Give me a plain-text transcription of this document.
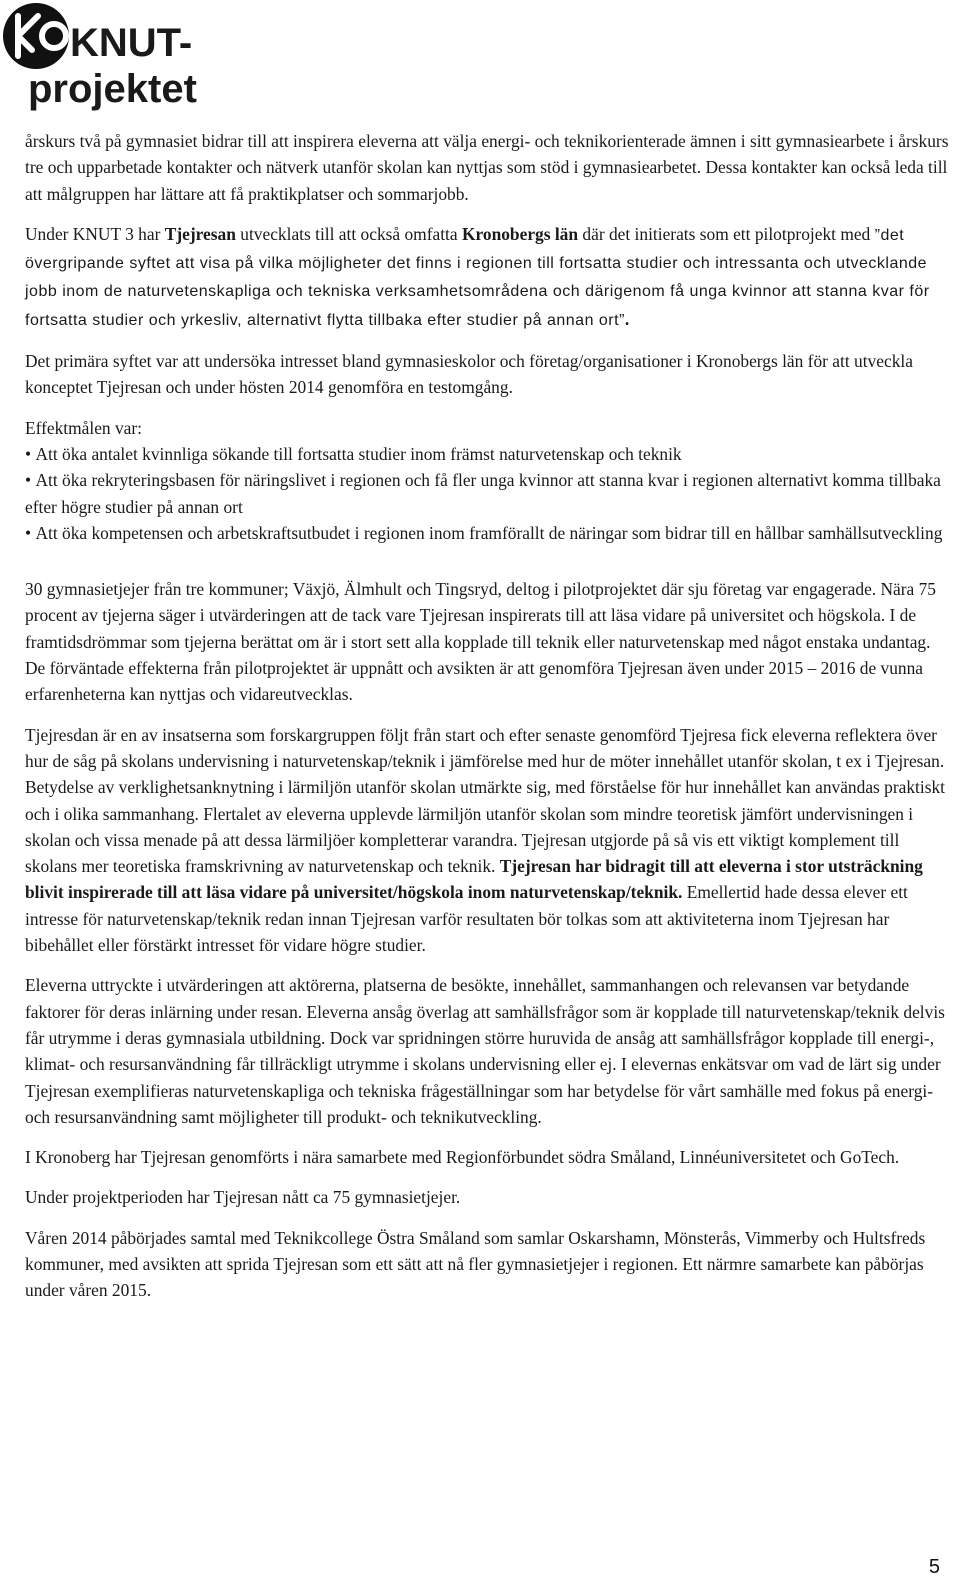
KNUT-
projektet

årskurs två på gymnasiet bidrar till att inspirera eleverna att välja energi- och teknikorienterade ämnen i sitt gymnasiearbete i årskurs tre och upparbetade kontakter och nätverk utanför skolan kan nyttjas som stöd i gymnasiearbetet. Dessa kontakter kan också leda till att målgruppen har lättare att få praktikplatser och sommarjobb.

Under KNUT 3 har Tjejresan utvecklats till att också omfatta Kronobergs län där det initierats som ett pilotprojekt med ”det övergripande syftet att visa på vilka möjligheter det finns i regionen till fortsatta studier och intressanta och utvecklande jobb inom de naturvetenskapliga och tekniska verksamhetsområdena och därigenom få unga kvinnor att stanna kvar för fortsatta studier och yrkesliv, alternativt flytta tillbaka efter studier på annan ort”.

Det primära syftet var att undersöka intresset bland gymnasieskolor och företag/organisationer i Kronobergs län för att utveckla konceptet Tjejresan och under hösten 2014 genomföra en testomgång.

Effektmålen var:
• Att öka antalet kvinnliga sökande till fortsatta studier inom främst naturvetenskap och teknik
• Att öka rekryteringsbasen för näringslivet i regionen och få fler unga kvinnor att stanna kvar i regionen alternativt komma tillbaka efter högre studier på annan ort
• Att öka kompetensen och arbetskraftsutbudet i regionen inom framförallt de näringar som bidrar till en hållbar samhällsutveckling

30 gymnasietjejer från tre kommuner; Växjö, Älmhult och Tingsryd, deltog i pilotprojektet där sju företag var engagerade. Nära 75 procent av tjejerna säger i utvärderingen att de tack vare Tjejresan inspirerats till att läsa vidare på universitet och högskola. I de framtidsdrömmar som tjejerna berättat om är i stort sett alla kopplade till teknik eller naturvetenskap med något enstaka undantag. De förväntade effekterna från pilotprojektet är uppnått och avsikten är att genomföra Tjejresan även under 2015 – 2016 de vunna erfarenheterna kan nyttjas och vidareutvecklas.

Tjejresdan är en av insatserna som forskargruppen följt från start och efter senaste genomförd Tjejresa fick eleverna reflektera över hur de såg på skolans undervisning i naturvetenskap/teknik i jämförelse med hur de möter innehållet utanför skolan, t ex i Tjejresan. Betydelse av verklighetsanknytning i lärmiljön utanför skolan utmärkte sig, med förståelse för hur innehållet kan användas praktiskt och i olika sammanhang. Flertalet av eleverna upplevde lärmiljön utanför skolan som mindre teoretisk jämfört undervisningen i skolan och vissa menade på att dessa lärmiljöer kompletterar varandra. Tjejresan utgjorde på så vis ett viktigt komplement till skolans mer teoretiska framskrivning av naturvetenskap och teknik. Tjejresan har bidragit till att eleverna i stor utsträckning blivit inspirerade till att läsa vidare på universitet/högskola inom naturvetenskap/teknik. Emellertid hade dessa elever ett intresse för naturvetenskap/teknik redan innan Tjejresan varför resultaten bör tolkas som att aktiviteterna inom Tjejresan har bibehållet eller förstärkt intresset för vidare högre studier.

Eleverna uttryckte i utvärderingen att aktörerna, platserna de besökte, innehållet, sammanhangen och relevansen var betydande faktorer för deras inlärning under resan. Eleverna ansåg överlag att samhällsfrågor som är kopplade till naturvetenskap/teknik delvis får utrymme i deras gymnasiala utbildning. Dock var spridningen större huruvida de ansåg att samhällsfrågor kopplade till energi-, klimat- och resursanvändning får tillräckligt utrymme i skolans undervisning eller ej. I elevernas enkätsvar om vad de lärt sig under Tjejresan exemplifieras naturvetenskapliga och tekniska frågeställningar som har betydelse för vårt samhälle med fokus på energi- och resursanvändning samt möjligheter till produkt- och teknikutveckling.

I Kronoberg har Tjejresan genomförts i nära samarbete med Regionförbundet södra Småland, Linnéuniversitetet och GoTech.

Under projektperioden har Tjejresan nått ca 75 gymnasietjejer.

Våren 2014 påbörjades samtal med Teknikcollege Östra Småland som samlar Oskarshamn, Mönsterås, Vimmerby och Hultsfreds kommuner, med avsikten att sprida Tjejresan som ett sätt att nå fler gymnasietjejer i regionen. Ett närmre samarbete kan påbörjas under våren 2015.

5
